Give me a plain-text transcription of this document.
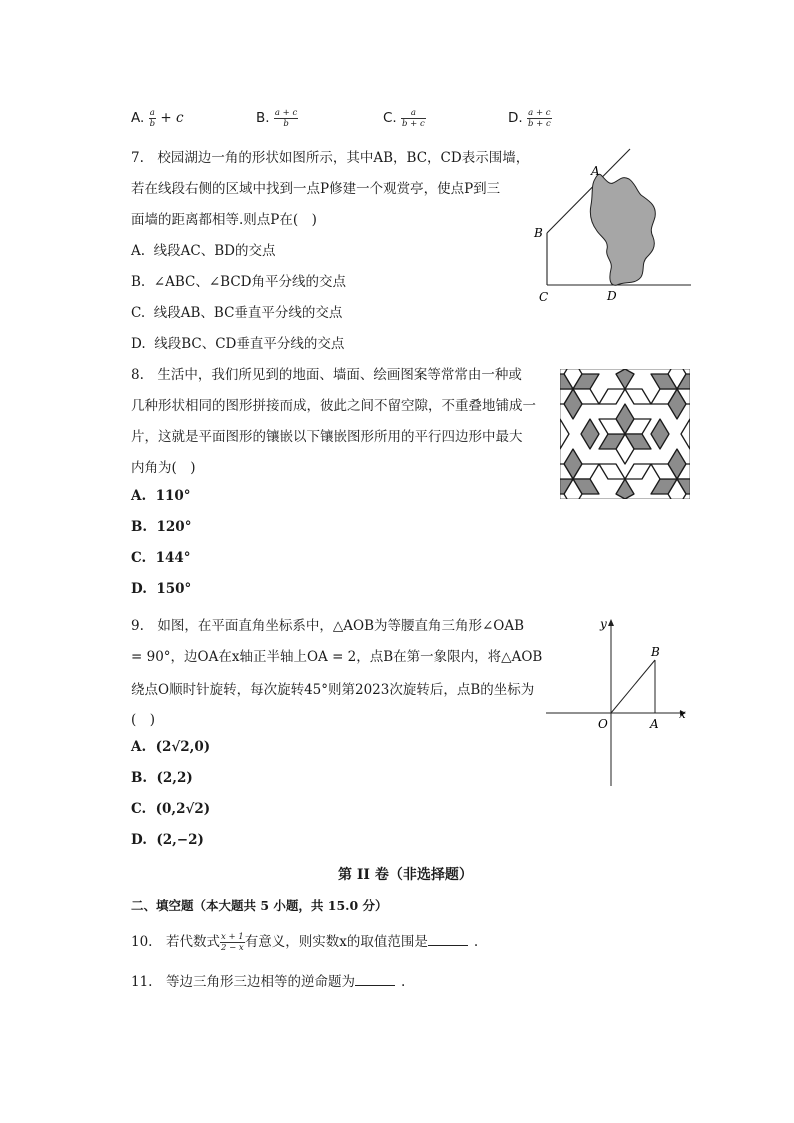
A. $\frac{a}{b} + c$	B. $\frac{a + c}{b}$	C. $\frac{a}{b + c}$	D. $\frac{a + c}{b + c}$
7.　校园湖边一角的形状如图所示，其中AB，BC，CD表示围墙，
若在线段右侧的区域中找到一点P修建一个观赏亭，使点P到三
面墙的距离都相等.则点P在(　)
A.  线段AC、BD的交点
B.  ∠ABC、∠BCD角平分线的交点
C.  线段AB、BC垂直平分线的交点
D.  线段BC、CD垂直平分线的交点
A
B
C	D
8.　生活中，我们所见到的地面、墙面、绘画图案等常常由一种或
几种形状相同的图形拼接而成，彼此之间不留空隙，不重叠地铺成一
片，这就是平面图形的镶嵌以下镶嵌图形所用的平行四边形中最大
内角为(　)
A.  110°
B.  120°
C.  144°
D.  150°
9.　如图，在平面直角坐标系中，△AOB为等腰直角三角形∠OAB
= 90°，边OA在x轴正半轴上OA = 2，点B在第一象限内，将△AOB
绕点O顺时针旋转，每次旋转45°则第2023次旋转后，点B的坐标为
(　)
A.  (2√2,0)
B.  (2,2)
C.  (0,2√2)
D.  (2,−2)
y
x
O	A
B
第 II 卷（非选择题）
二、填空题（本大题共 5 小题，共 15.0 分）
10.　若代数式 $\frac{x + 1}{2 - x}$ 有意义，则实数x的取值范围是	.
11.　等边三角形三边相等的逆命题为	.
